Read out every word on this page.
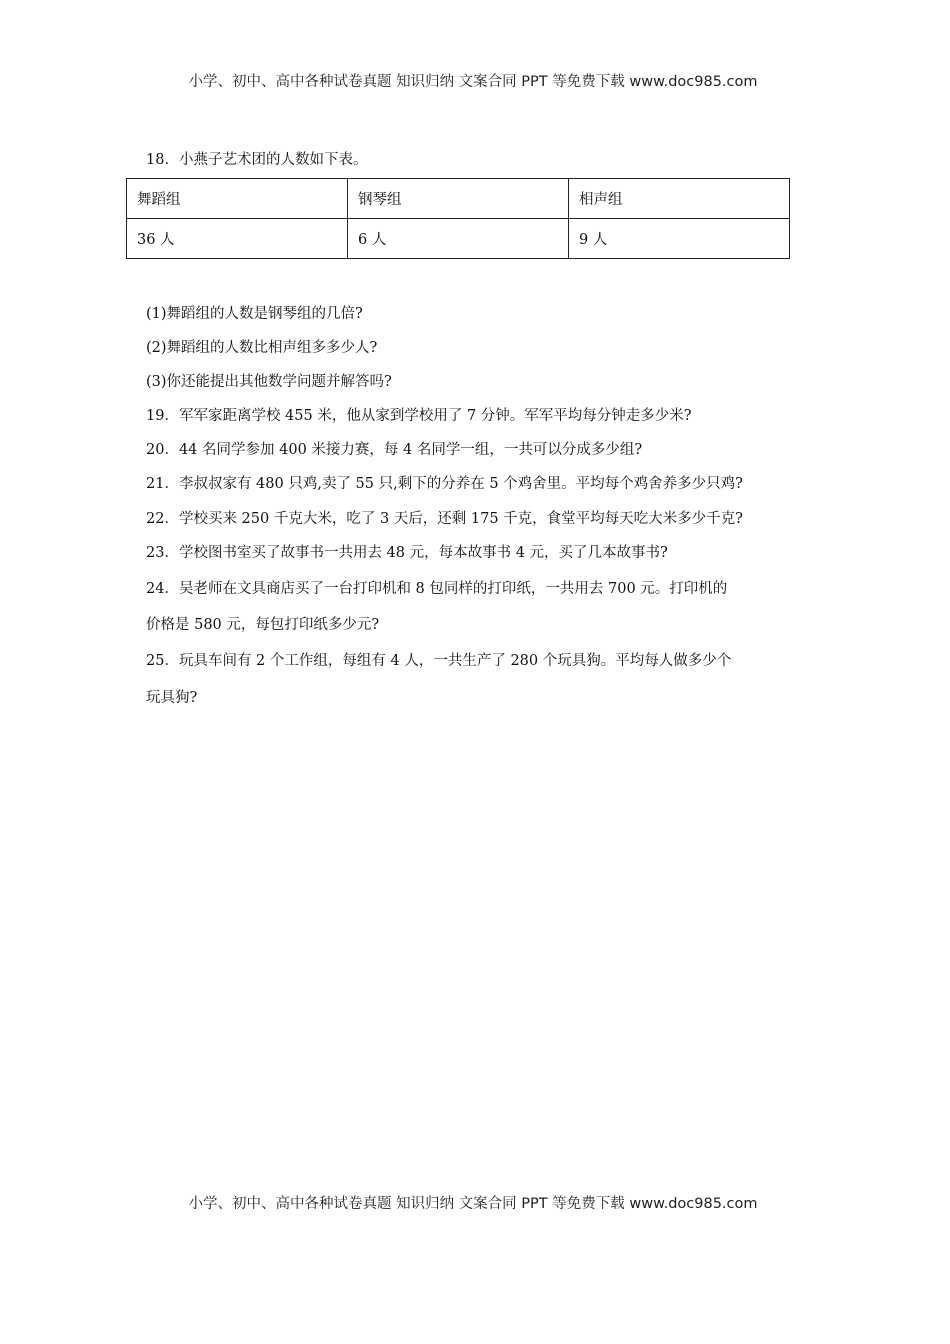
小学、初中、高中各种试卷真题 知识归纳 文案合同 PPT 等免费下载 www.doc985.com
18．小燕子艺术团的人数如下表。
舞蹈组	钢琴组	相声组
36 人	6 人	9 人
(1)舞蹈组的人数是钢琴组的几倍?
(2)舞蹈组的人数比相声组多多少人?
(3)你还能提出其他数学问题并解答吗?
19．军军家距离学校 455 米，他从家到学校用了 7 分钟。军军平均每分钟走多少米?
20．44 名同学参加 400 米接力赛，每 4 名同学一组，一共可以分成多少组?
21．李叔叔家有 480 只鸡,卖了 55 只,剩下的分养在 5 个鸡舍里。平均每个鸡舍养多少只鸡?
22．学校买来 250 千克大米，吃了 3 天后，还剩 175 千克，食堂平均每天吃大米多少千克?
23．学校图书室买了故事书一共用去 48 元，每本故事书 4 元，买了几本故事书?
24．吴老师在文具商店买了一台打印机和 8 包同样的打印纸，一共用去 700 元。打印机的
价格是 580 元，每包打印纸多少元?
25．玩具车间有 2 个工作组，每组有 4 人，一共生产了 280 个玩具狗。平均每人做多少个
玩具狗?
小学、初中、高中各种试卷真题 知识归纳 文案合同 PPT 等免费下载 www.doc985.com
